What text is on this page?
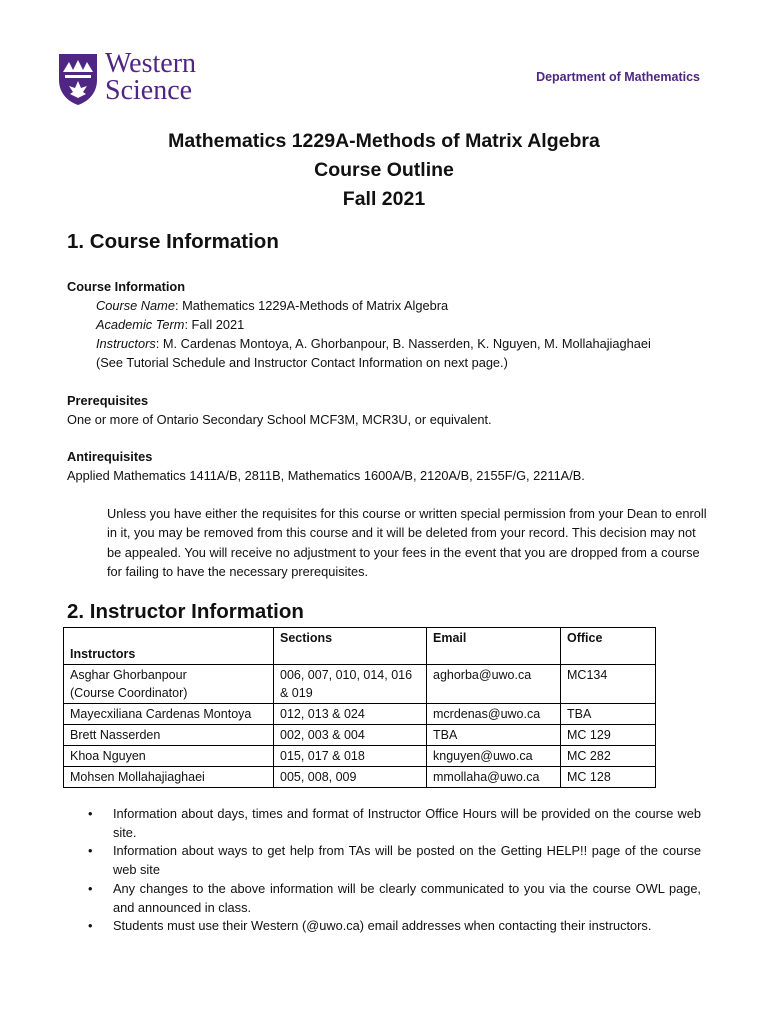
Western
Science	Department of Mathematics
Mathematics 1229A-Methods of Matrix Algebra
Course Outline
Fall 2021
1. Course Information
Course Information
Course Name: Mathematics 1229A-Methods of Matrix Algebra
Academic Term: Fall 2021
Instructors: M. Cardenas Montoya, A. Ghorbanpour, B. Nasserden, K. Nguyen, M. Mollahajiaghaei
(See Tutorial Schedule and Instructor Contact Information on next page.)
Prerequisites
One or more of Ontario Secondary School MCF3M, MCR3U, or equivalent.
Antirequisites
Applied Mathematics 1411A/B, 2811B, Mathematics 1600A/B, 2120A/B, 2155F/G, 2211A/B.
Unless you have either the requisites for this course or written special permission from your Dean to enroll in it, you may be removed from this course and it will be deleted from your record. This decision may not be appealed. You will receive no adjustment to your fees in the event that you are dropped from a course for failing to have the necessary prerequisites.
2. Instructor Information
Instructors	Sections	Email	Office

Asghar Ghorbanpour
(Course Coordinator)	006, 007, 010, 014, 016 & 019	aghorba@uwo.ca	MC134
Mayecxiliana Cardenas Montoya	012, 013 & 024	mcrdenas@uwo.ca	TBA
Brett Nasserden	002, 003 & 004	TBA	MC 129
Khoa Nguyen	015, 017 & 018	knguyen@uwo.ca	MC 282
Mohsen Mollahajiaghaei	005, 008, 009	mmollaha@uwo.ca	MC 128
• Information about days, times and format of Instructor Office Hours will be provided on the course web site.
• Information about ways to get help from TAs will be posted on the Getting HELP!! page of the course web site
• Any changes to the above information will be clearly communicated to you via the course OWL page, and announced in class.
• Students must use their Western (@uwo.ca) email addresses when contacting their instructors.
